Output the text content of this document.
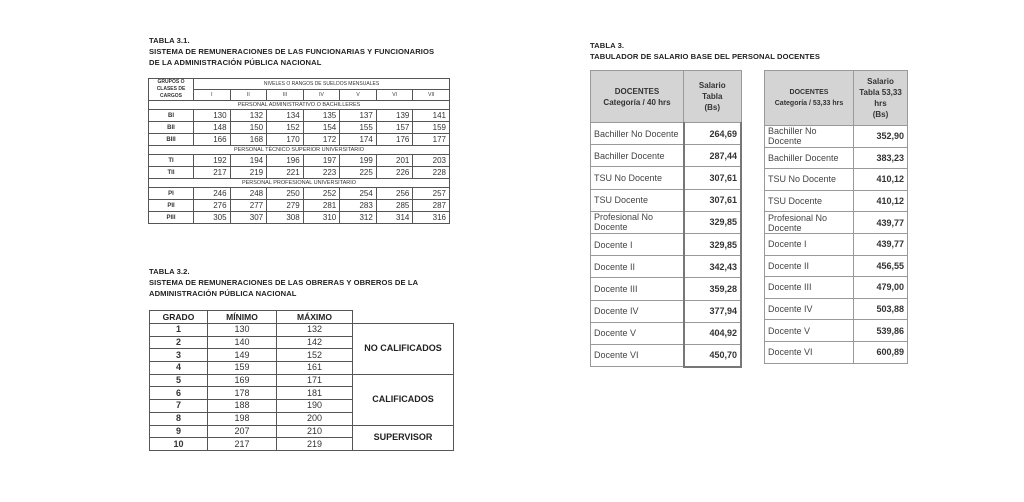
TABLA 3.1.
SISTEMA DE REMUNERACIONES DE LAS FUNCIONARIAS Y FUNCIONARIOS
DE LA ADMINISTRACIÓN PÚBLICA NACIONAL
GRUPOS O CLASES DE CARGOS	NIVELES O RANGOS DE SUELDOS MENSUALES						
	I	II	III	IV	V	VI	VII
PERSONAL ADMINISTRATIVO O BACHILLERES							
BI	130	132	134	135	137	139	141
BII	148	150	152	154	155	157	159
BIII	166	168	170	172	174	176	177
PERSONAL TÉCNICO SUPERIOR UNIVERSITARIO							
TI	192	194	196	197	199	201	203
TII	217	219	221	223	225	226	228
PERSONAL PROFESIONAL UNIVERSITARIO							
PI	246	248	250	252	254	256	257
PII	276	277	279	281	283	285	287
PIII	305	307	308	310	312	314	316
TABLA 3.2.
SISTEMA DE REMUNERACIONES DE LAS OBRERAS Y OBREROS DE LA
ADMINISTRACIÓN PÚBLICA NACIONAL
GRADO	MÍNIMO	MÁXIMO	
1	130	132	NO CALIFICADOS
2	140	142	
3	149	152	
4	159	161	
5	169	171	CALIFICADOS
6	178	181	
7	188	190	
8	198	200	
9	207	210	SUPERVISOR
10	217	219	
TABLA 3.
TABULADOR DE SALARIO BASE DEL PERSONAL DOCENTES
DOCENTES
Categoría / 40 hrs

Salario
Tabla
(Bs)

Bachiller No Docente	264,69
Bachiller Docente	287,44
TSU No Docente	307,61
TSU Docente	307,61
Profesional No Docente	329,85
Docente I	329,85
Docente II	342,43
Docente III	359,28
Docente IV	377,94
Docente V	404,92
Docente VI	450,70
DOCENTES
Categoría / 53,33 hrs

Salario
Tabla 53,33
hrs
(Bs)

Bachiller No Docente	352,90
Bachiller Docente	383,23
TSU No Docente	410,12
TSU Docente	410,12
Profesional No Docente	439,77
Docente I	439,77
Docente II	456,55
Docente III	479,00
Docente IV	503,88
Docente V	539,86
Docente VI	600,89
